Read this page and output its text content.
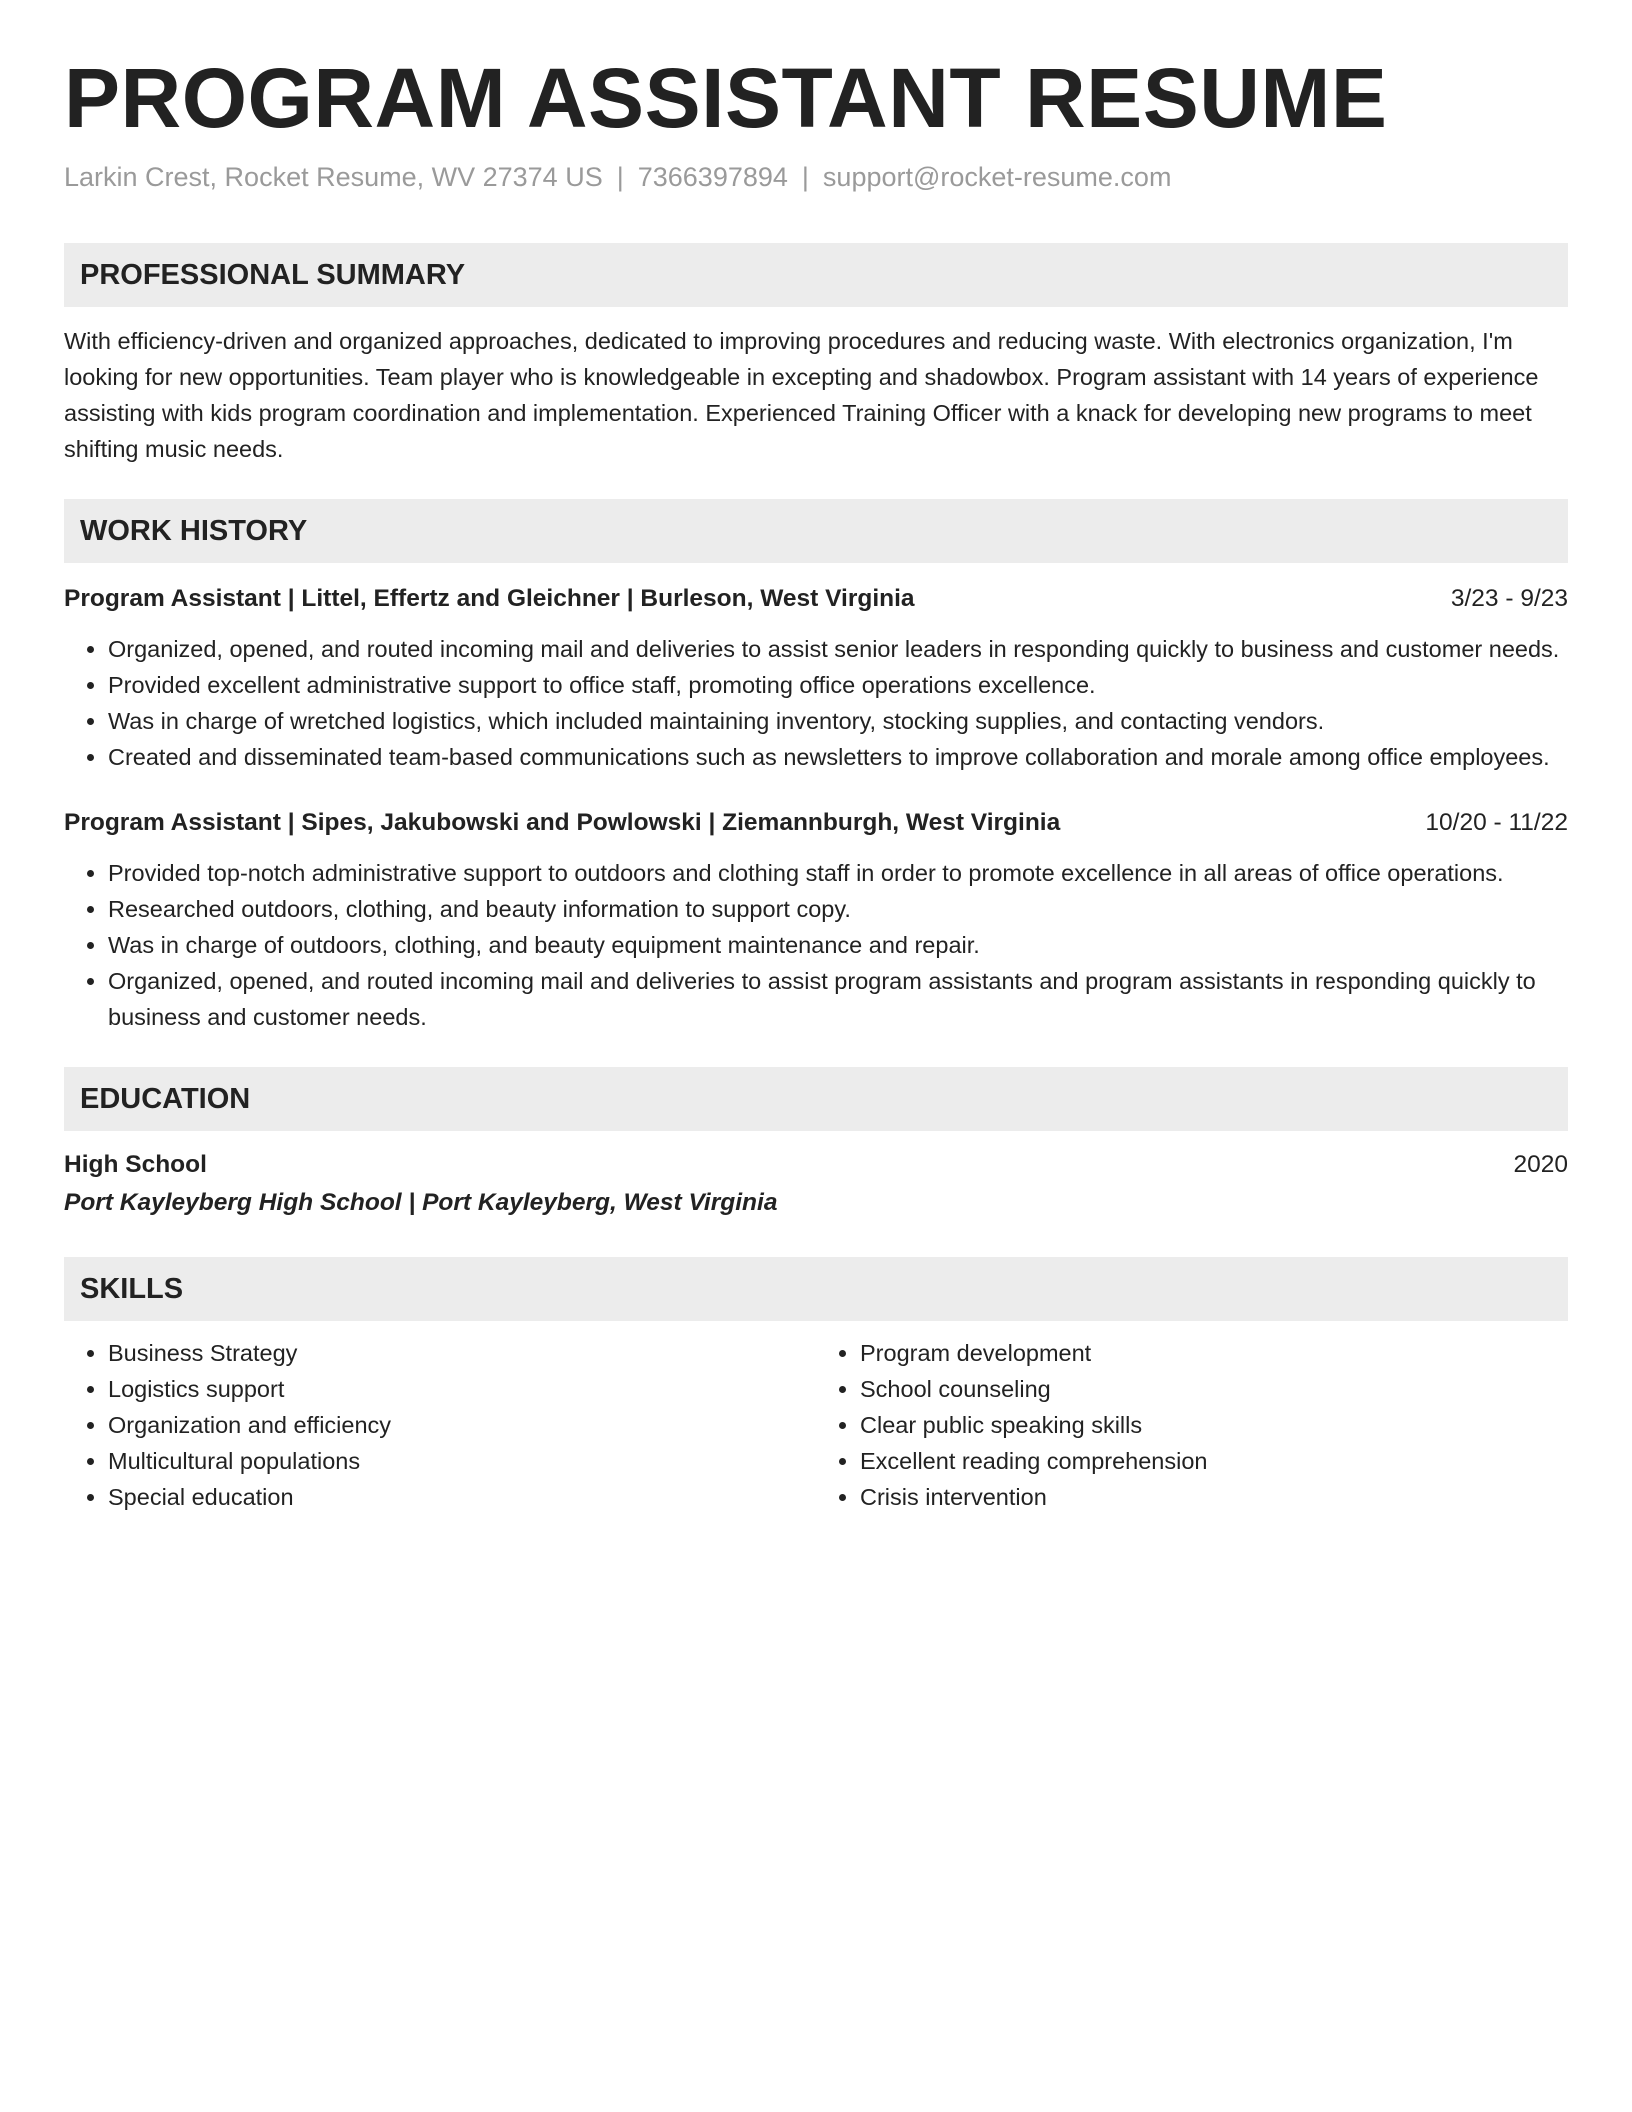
PROGRAM ASSISTANT RESUME
Larkin Crest, Rocket Resume, WV 27374 US | 7366397894 | support@rocket-resume.com
PROFESSIONAL SUMMARY
With efficiency-driven and organized approaches, dedicated to improving procedures and reducing waste. With electronics organization, I'm looking for new opportunities. Team player who is knowledgeable in excepting and shadowbox. Program assistant with 14 years of experience assisting with kids program coordination and implementation. Experienced Training Officer with a knack for developing new programs to meet shifting music needs.
WORK HISTORY
Program Assistant | Littel, Effertz and Gleichner | Burleson, West Virginia	3/23 - 9/23
• Organized, opened, and routed incoming mail and deliveries to assist senior leaders in responding quickly to business and customer needs.
• Provided excellent administrative support to office staff, promoting office operations excellence.
• Was in charge of wretched logistics, which included maintaining inventory, stocking supplies, and contacting vendors.
• Created and disseminated team-based communications such as newsletters to improve collaboration and morale among office employees.
Program Assistant | Sipes, Jakubowski and Powlowski | Ziemannburgh, West Virginia	10/20 - 11/22
• Provided top-notch administrative support to outdoors and clothing staff in order to promote excellence in all areas of office operations.
• Researched outdoors, clothing, and beauty information to support copy.
• Was in charge of outdoors, clothing, and beauty equipment maintenance and repair.
• Organized, opened, and routed incoming mail and deliveries to assist program assistants and program assistants in responding quickly to business and customer needs.
EDUCATION
High School	2020
Port Kayleyberg High School | Port Kayleyberg, West Virginia
SKILLS
• Business Strategy
• Logistics support
• Organization and efficiency
• Multicultural populations
• Special education
• Program development
• School counseling
• Clear public speaking skills
• Excellent reading comprehension
• Crisis intervention
